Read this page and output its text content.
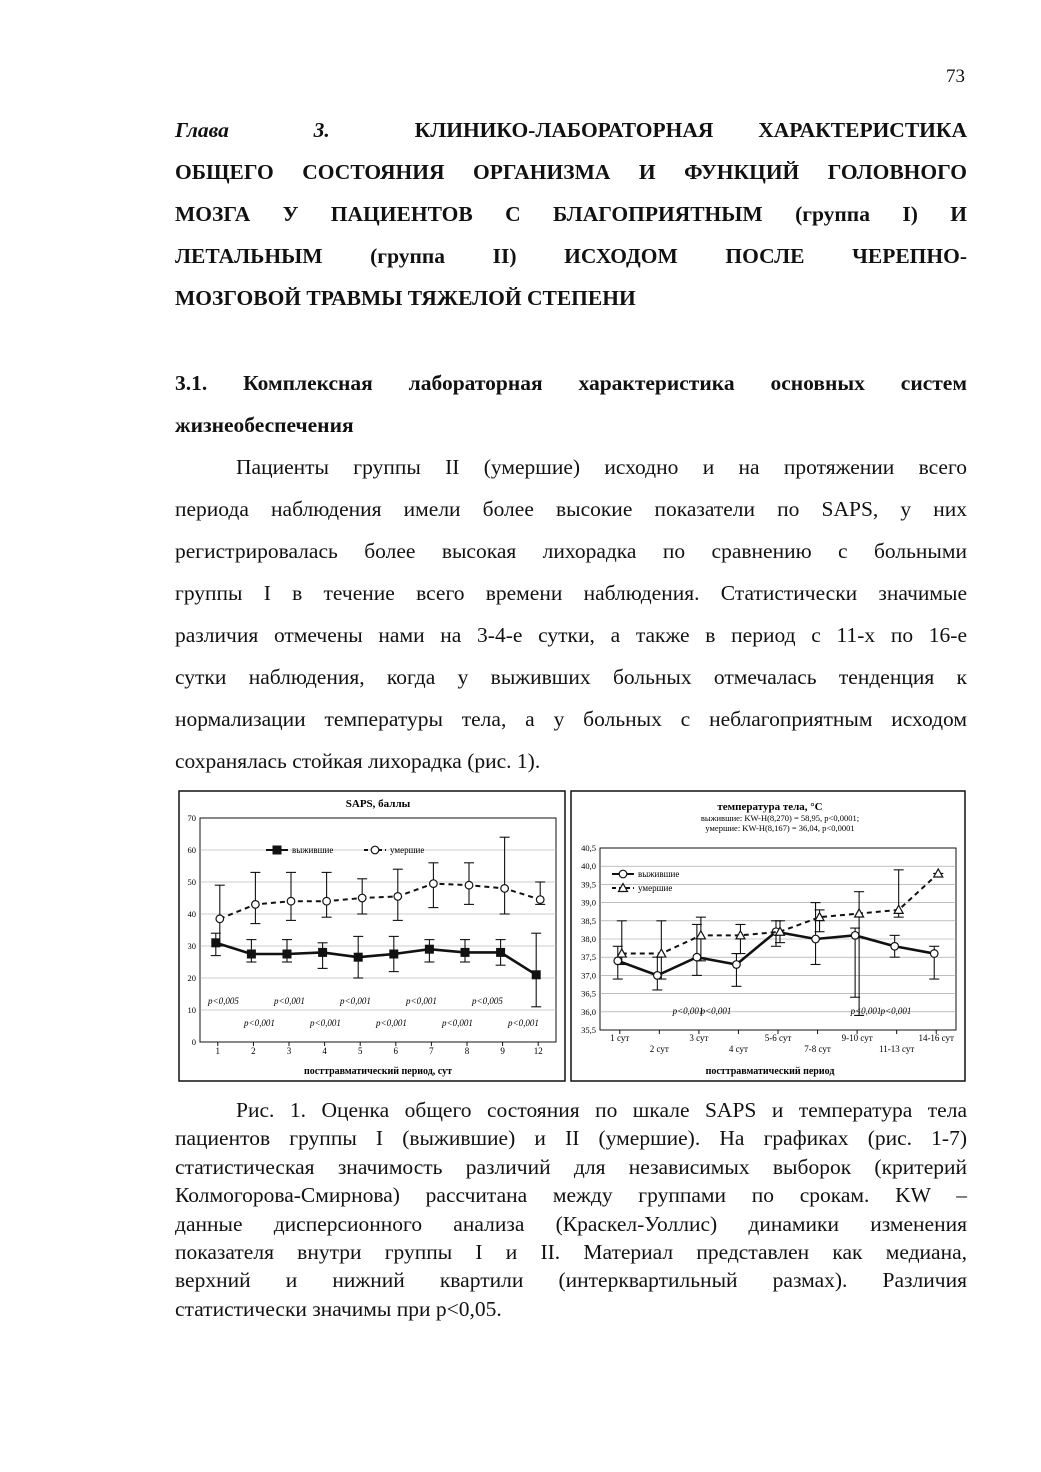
73
Глава	3.	КЛИНИКО-ЛАБОРАТОРНАЯ ХАРАКТЕРИСТИКА
ОБЩЕГО СОСТОЯНИЯ ОРГАНИЗМА И ФУНКЦИЙ ГОЛОВНОГО
МОЗГА У ПАЦИЕНТОВ С БЛАГОПРИЯТНЫМ (группа I) И
ЛЕТАЛЬНЫМ (группа II) ИСХОДОМ ПОСЛЕ ЧЕРЕПНО-
МОЗГОВОЙ ТРАВМЫ ТЯЖЕЛОЙ СТЕПЕНИ
3.1. Комплексная лабораторная характеристика основных систем
жизнеобеспечения
Пациенты группы II (умершие) исходно и на протяжении всего
периода наблюдения имели более высокие показатели по SAPS, у них
регистрировалась более высокая лихорадка по сравнению с больными
группы I в течение всего времени наблюдения. Статистически значимые
различия отмечены нами на 3-4-е сутки, а также в период с 11-х по 16-е
сутки наблюдения, когда у выживших больных отмечалась тенденция к
нормализации температуры тела, а у больных с неблагоприятным исходом
сохранялась стойкая лихорадка (рис. 1).
SAPS, баллы
0
10
20
30
40
50
60
70
1	2	3	4	5	6	7	8	9	12
посттравматический период, сут
выжившие	умершие
p<0,005	p<0,001	p<0,001	p<0,001	p<0,005
p<0,001	p<0,001	p<0,001	p<0,001	p<0,001
температура тела, °С
выжившие: KW-H(8,270) = 58,95, p<0,0001;
умершие: KW-H(8,167) = 36,04, p<0,0001
35,5
36,0
36,5
37,0
37,5
38,0
38,5
39,0
39,5
40,0
40,5
1 сут
2 сут
3 сут
4 сут
5-6 сут
7-8 сут
9-10 сут
11-13 сут
14-16 сут
посттравматический период
выжившие
умершие
p<0,001
p<0,001	p<0,001 p<0,001
Рис. 1. Оценка общего состояния по шкале SAPS и температура тела
пациентов группы I (выжившие) и II (умершие). На графиках (рис. 1-7)
статистическая значимость различий для независимых выборок (критерий
Колмогорова-Смирнова) рассчитана между группами по срокам. KW –
данные дисперсионного анализа (Краскел-Уоллис) динамики изменения
показателя внутри группы I и II. Материал представлен как медиана,
верхний и нижний квартили (интерквартильный размах). Различия
статистически значимы при p<0,05.
